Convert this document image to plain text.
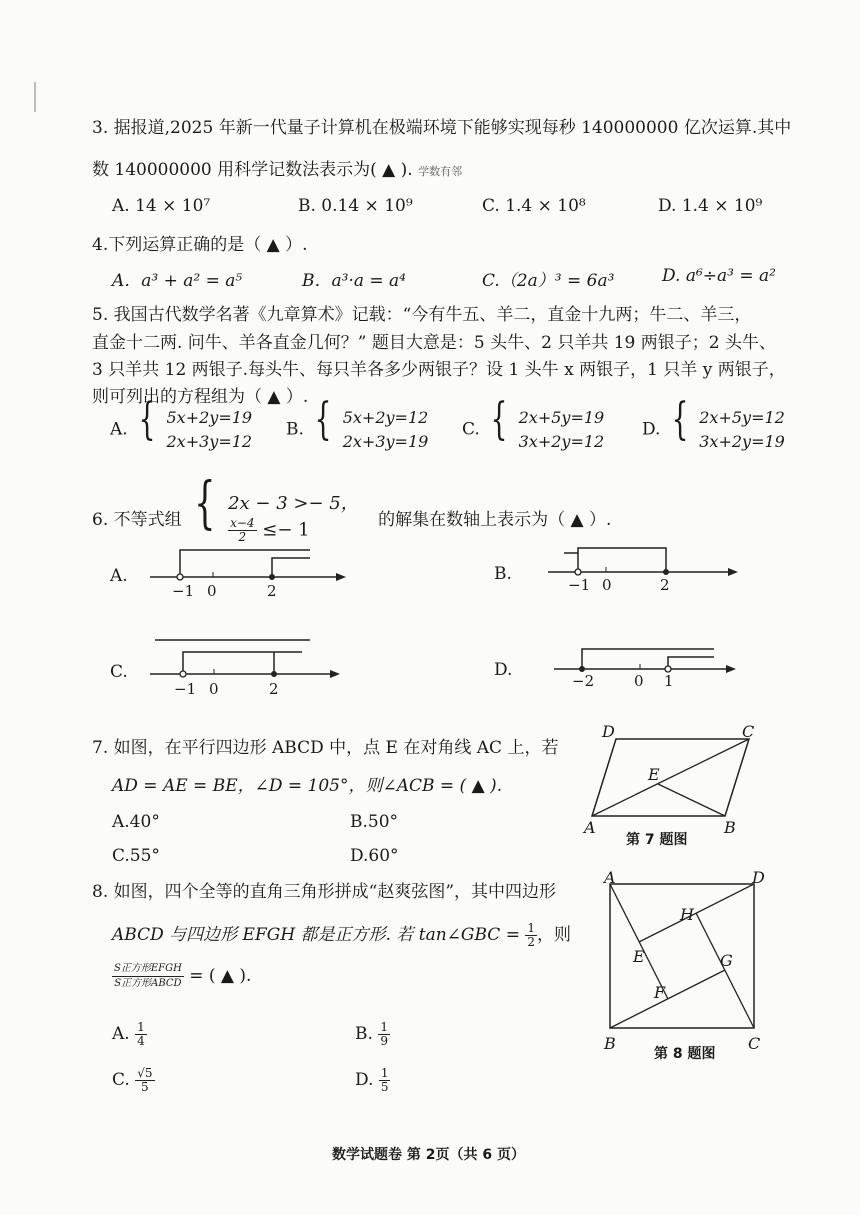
3. 据报道,2025 年新一代量子计算机在极端环境下能够实现每秒 140000000 亿次运算.其中
数 140000000 用科学记数法表示为( ▲ ). 学数有邻
A. 14 × 10⁷	B. 0.14 × 10⁹	C. 1.4 × 10⁸	D. 1.4 × 10⁹
4.下列运算正确的是（ ▲ ）.
A．a³ + a² = a⁵	B．a³·a = a⁴	C.（2a）³ = 6a³	D. a⁶÷a³ = a²
5. 我国古代数学名著《九章算术》记载：“今有牛五、羊二，直金十九两；牛二、羊三，
直金十二两. 问牛、羊各直金几何？” 题目大意是：5 头牛、2 只羊共 19 两银子；2 头牛、
3 只羊共 12 两银子.每头牛、每只羊各多少两银子？设 1 头牛 x 两银子，1 只羊 y 两银子，
则可列出的方程组为（ ▲ ）.
A. { 5x+2y=19
2x+3y=12
B. { 5x+2y=12
2x+3y=19
C. { 2x+5y=19
3x+2y=12
D. { 2x+5y=12
3x+2y=19
6. 不等式组 { 2x − 3 >− 5，

$\frac{x-4}{2} \le- 1$	的解集在数轴上表示为（ ▲ ）.
A.
−1 0	2
B.
−1 0	2
C.
−1 0	2
D.
−2	0 1
7. 如图，在平行四边形 ABCD 中，点 E 在对角线 AC 上，若
AD = AE = BE，∠D = 105°，则∠ACB = ( ▲ ).
A.40°	B.50°
C.55°	D.60°
D	C
E
A	B
第 7 题图
8. 如图，四个全等的直角三角形拼成“赵爽弦图”，其中四边形
ABCD 与四边形 EFGH 都是正方形. 若 tan∠GBC = $\frac{1}{2}$ ，则
$\frac{\text{S正方形EFGH}}{\text{S正方形ABCD}}$ = ( ▲ ).
A. $\frac{1}{4}$	B. $\frac{1}{9}$
C. $\frac{√5}{5}$	D. $\frac{1}{5}$
A	D
H
E	G
F
B	C
第 8 题图
数学试题卷 第 2页（共 6 页）
